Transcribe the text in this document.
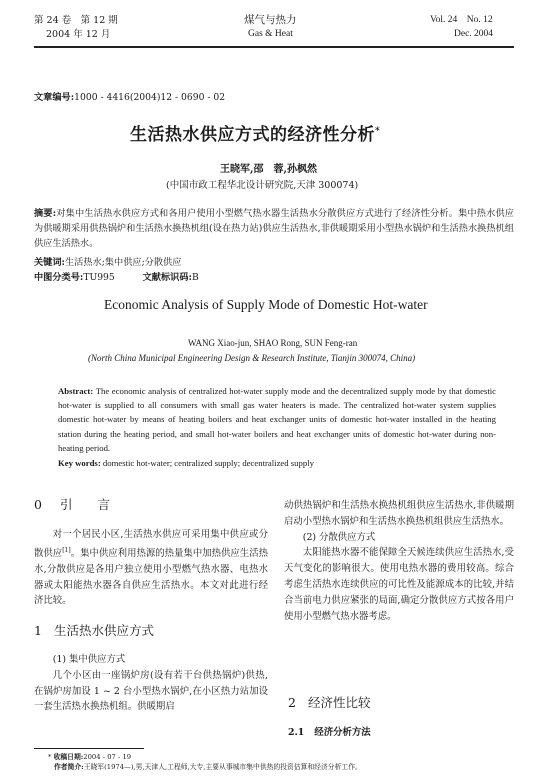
第 24 卷　第 12 期
2004 年 12 月
煤气与热力
Gas & Heat
Vol. 24　No. 12
Dec. 2004
文章编号:1000 - 4416(2004)12 - 0690 - 02
生活热水供应方式的经济性分析*
王晓军,邵　蓉,孙枫然
(中国市政工程华北设计研究院,天津 300074)
摘要:对集中生活热水供应方式和各用户使用小型燃气热水器生活热水分散供应方式进行了经济性分析。集中热水供应为供暖期采用供热锅炉和生活热水换热机组(设在热力站)供应生活热水,非供暖期采用小型热水锅炉和生活热水换热机组供应生活热水。
关键词:生活热水;集中供应;分散供应
中图分类号:TU995	文献标识码:B
Economic Analysis of Supply Mode of Domestic Hot-water
WANG Xiao-jun, SHAO Rong, SUN Feng-ran
(North China Municipal Engineering Design & Research Institute, Tianjin 300074, China)
Abstract: The economic analysis of centralized hot-water supply mode and the decentralized supply mode by that domestic hot-water is supplied to all consumers with small gas water heaters is made. The centralized hot-water system supplies domestic hot-water by means of heating boilers and heat exchanger units of domestic hot-water installed in the heating station during the heating period, and small hot-water boilers and heat exchanger units of domestic hot-water during non-heating period.
Key words: domestic hot-water; centralized supply; decentralized supply
0 引　　言

对一个居民小区,生活热水供应可采用集中供应或分散供应[1]。集中供应利用热源的热量集中加热供应生活热水,分散供应是各用户独立使用小型燃气热水器、电热水器或太阳能热水器各自供应生活热水。本文对此进行经济比较。

1 生活热水供应方式

(1) 集中供应方式

几个小区由一座锅炉房(设有若干台供热锅炉)供热,在锅炉房加设 1 ~ 2 台小型热水锅炉,在小区热力站加设一套生活热水换热机组。供暖期启

动供热锅炉和生活热水换热机组供应生活热水,非供暖期启动小型热水锅炉和生活热水换热机组供应生活热水。

(2) 分散供应方式

太阳能热水器不能保障全天候连续供应生活热水,受天气变化的影响很大。使用电热水器的费用较高。综合考虑生活热水连续供应的可比性及能源成本的比较,并结合当前电力供应紧张的局面,确定分散供应方式按各用户使用小型燃气热水器考虑。

2 经济性比较
2.1 经济分析方法
* 收稿日期:2004 - 07 - 19
作者简介:王晓军(1974—),男,天津人,工程师,大专,主要从事城市集中供热的投资估算和经济分析工作。
